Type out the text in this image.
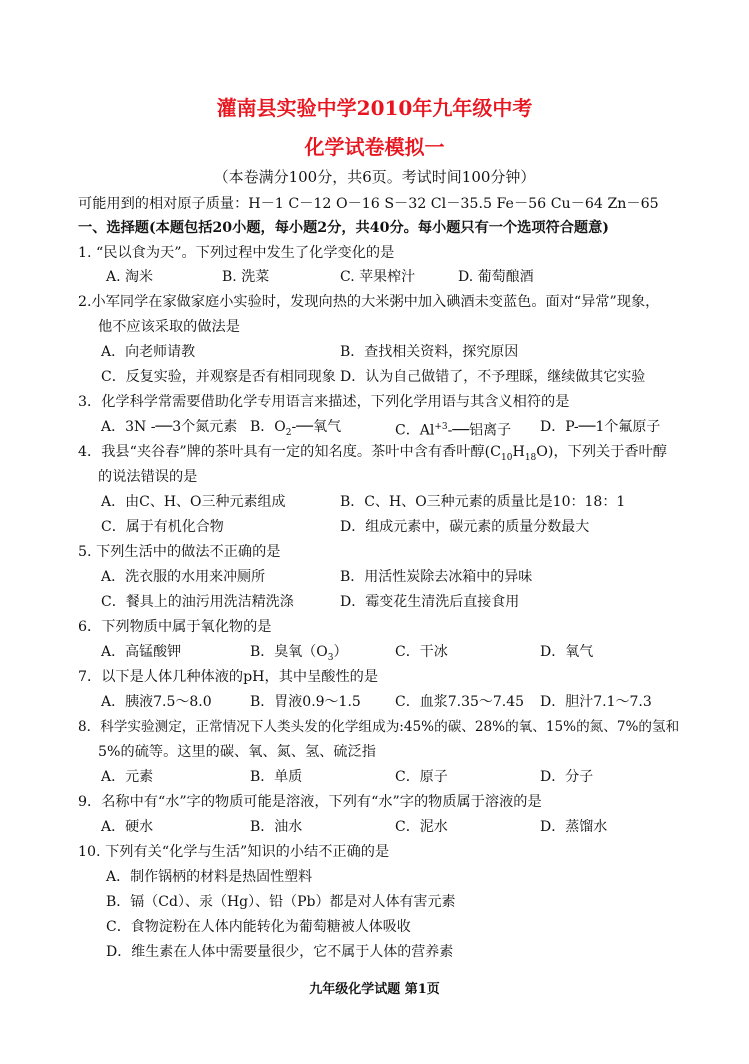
灌南县实验中学2010年九年级中考
化学试卷模拟一
（本卷满分100分，共6页。考试时间100分钟）
可能用到的相对原子质量：H－1 C－12 O－16 S－32 Cl－35.5 Fe－56 Cu－64 Zn－65
一、选择题(本题包括20小题，每小题2分，共40分。每小题只有一个选项符合题意)
1. “民以食为天”。下列过程中发生了化学变化的是
A. 淘米	B. 洗菜	C. 苹果榨汁	D. 葡萄酿酒
2.小军同学在家做家庭小实验时，发现向热的大米粥中加入碘酒未变蓝色。面对“异常”现象，
他不应该采取的做法是
A．向老师请教	B．查找相关资料，探究原因
C．反复实验，并观察是否有相同现象 D．认为自己做错了，不予理睬，继续做其它实验
3．化学科学常需要借助化学专用语言来描述，下列化学用语与其含义相符的是
A．3N -──3个氮元素 B．$O_2-──$氧气	C．$Al^{+3}-──$铝离子 D．P-──1个氟原子
4．我县“夹谷春”牌的茶叶具有一定的知名度。茶叶中含有香叶醇$(C_{10}H_{18}O)$，下列关于香叶醇
的说法错误的是
A．由C、H、O三种元素组成	B．C、H、O三种元素的质量比是10：18：1
C．属于有机化合物	D．组成元素中，碳元素的质量分数最大
5. 下列生活中的做法不正确的是
A．洗衣服的水用来冲厕所	B．用活性炭除去冰箱中的异味
C．餐具上的油污用洗洁精洗涤	D．霉变花生清洗后直接食用
6．下列物质中属于氧化物的是
A．高锰酸钾	B．臭氧$(O_3)$	C．干冰	D．氧气
7．以下是人体几种体液的pH，其中呈酸性的是
A．胰液7.5～8.0	B．胃液0.9～1.5 C．血浆7.35～7.45 D．胆汁7.1～7.3
8．科学实验测定，正常情况下人类头发的化学组成为:45%的碳、28%的氧、15%的氮、7%的氢和
5%的硫等。这里的碳、氧、氮、氢、硫泛指
A．元素	B．单质	C．原子	D．分子
9．名称中有“水”字的物质可能是溶液，下列有“水”字的物质属于溶液的是
A．硬水	B．油水	C．泥水	D．蒸馏水
10. 下列有关“化学与生活”知识的小结不正确的是
A．制作锅柄的材料是热固性塑料
B．镉（Cd）、汞（Hg）、铅（Pb）都是对人体有害元素
C．食物淀粉在人体内能转化为葡萄糖被人体吸收
D．维生素在人体中需要量很少，它不属于人体的营养素
九年级化学试题 第1页
